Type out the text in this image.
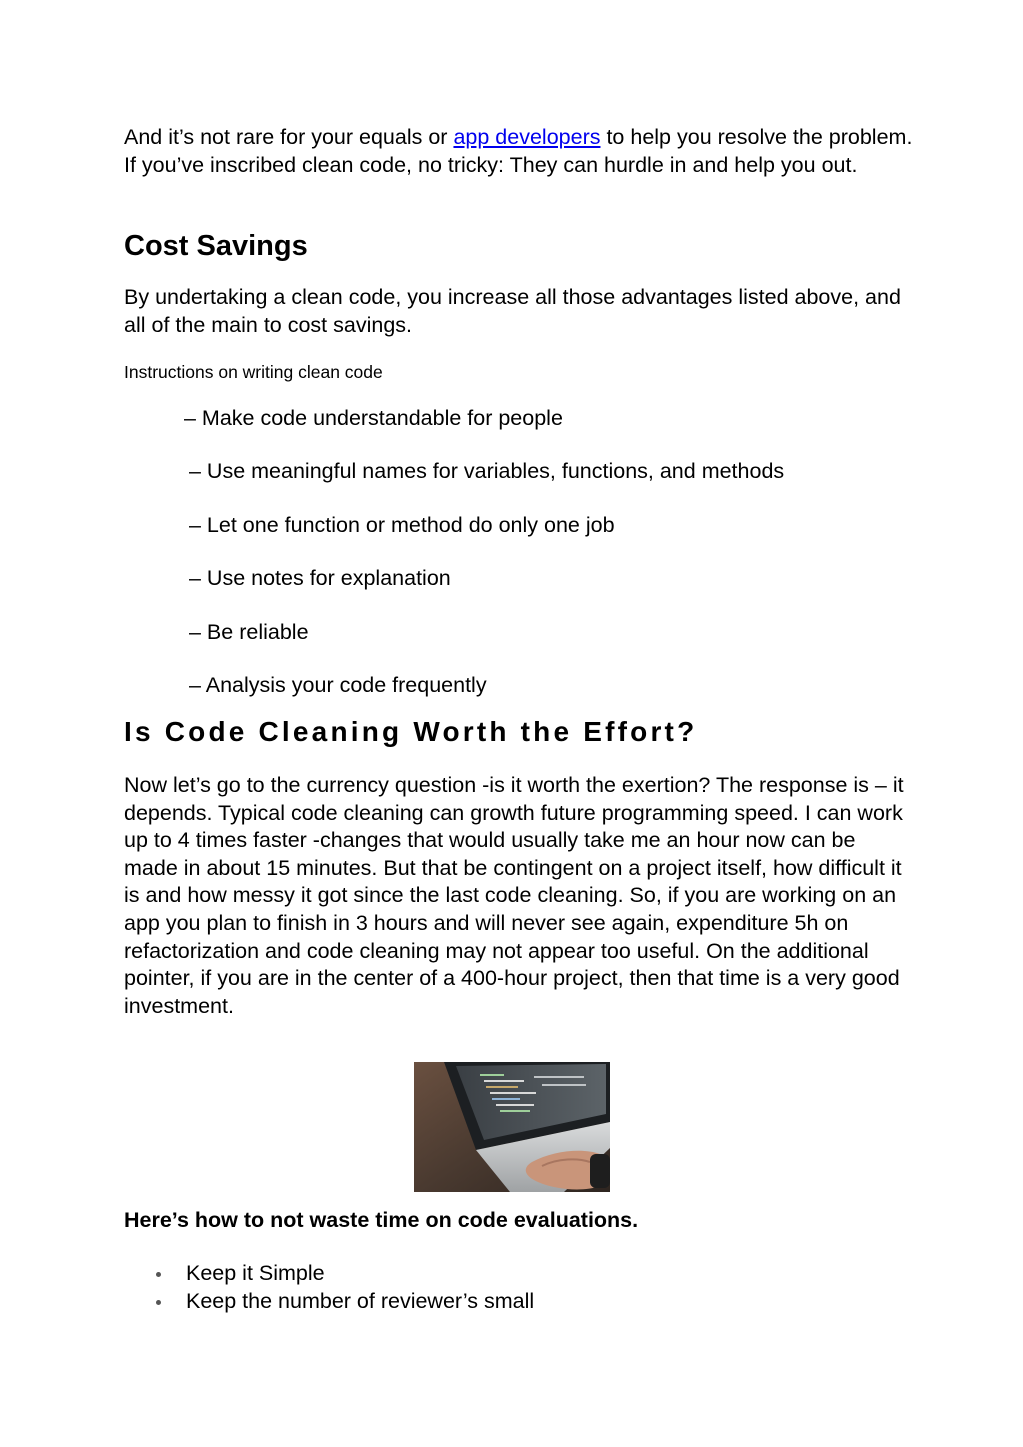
And it’s not rare for your equals or app developers to help you resolve the problem. If you’ve inscribed clean code, no tricky: They can hurdle in and help you out.

Cost Savings

By undertaking a clean code, you increase all those advantages listed above, and all of the main to cost savings.

Instructions on writing clean code

– Make code understandable for people

– Use meaningful names for variables, functions, and methods

– Let one function or method do only one job

– Use notes for explanation

– Be reliable

– Analysis your code frequently

Is Code Cleaning Worth the Effort?

Now let’s go to the currency question -is it worth the exertion? The response is – it depends. Typical code cleaning can growth future programming speed. I can work up to 4 times faster -changes that would usually take me an hour now can be made in about 15 minutes. But that be contingent on a project itself, how difficult it is and how messy it got since the last code cleaning. So, if you are working on an app you plan to finish in 3 hours and will never see again, expenditure 5h on refactorization and code cleaning may not appear too useful. On the additional pointer, if you are in the center of a 400-hour project, then that time is a very good investment.

Here’s how to not waste time on code evaluations.

Keep it Simple
Keep the number of reviewer’s small
